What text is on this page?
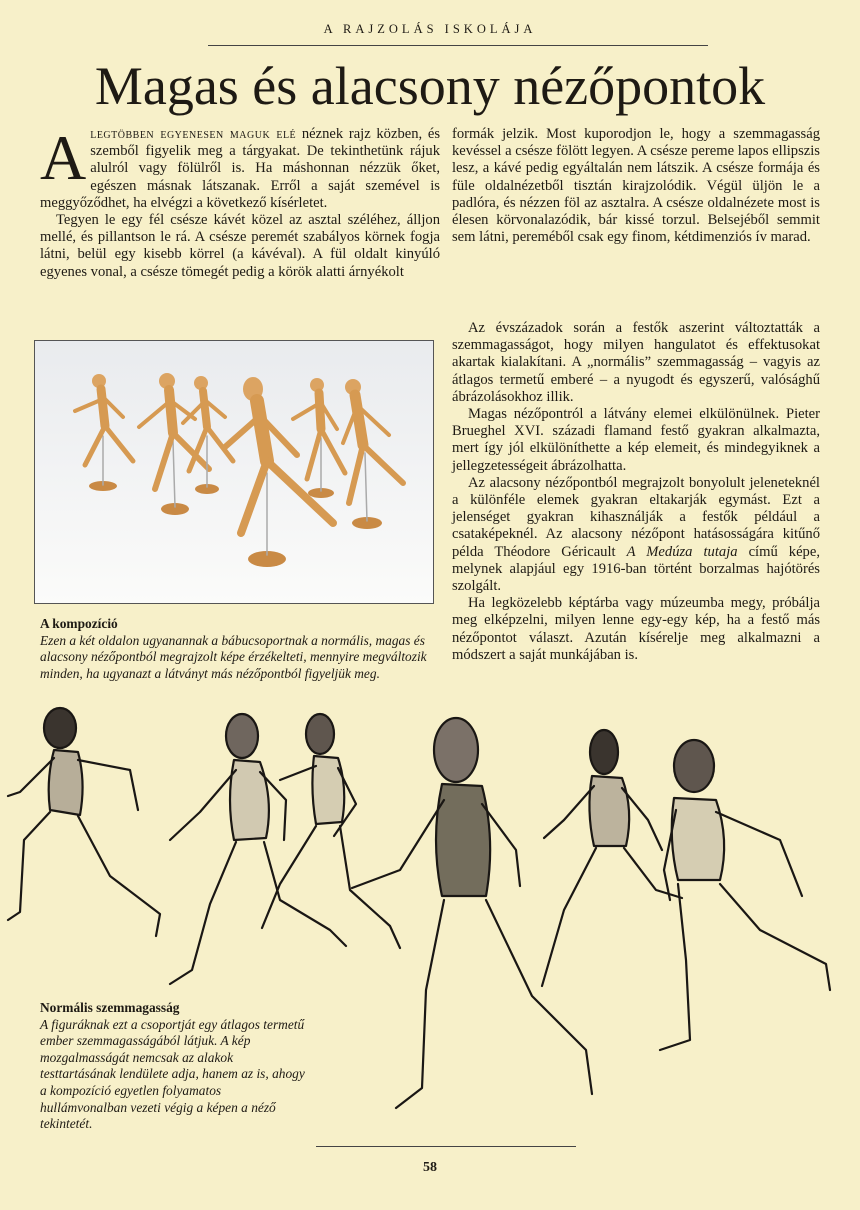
A RAJZOLÁS ISKOLÁJA
Magas és alacsony nézőpontok

Alegtöbben egyenesen maguk elé néznek rajz közben, és szemből figyelik meg a tárgyakat. De tekinthetünk rájuk alulról vagy fölülről is. Ha máshonnan nézzük őket, egészen másnak látszanak. Erről a saját szemével is meggyőződhet, ha elvégzi a következő kísérletet.

Tegyen le egy fél csésze kávét közel az asztal széléhez, álljon mellé, és pillantson le rá. A csésze peremét szabályos körnek fogja látni, belül egy kisebb körrel (a kávéval). A fül oldalt kinyúló egyenes vonal, a csésze tömegét pedig a körök alatti árnyékolt

formák jelzik. Most kuporodjon le, hogy a szemmagasság kevéssel a csésze fölött legyen. A csésze pereme lapos ellipszis lesz, a kávé pedig egyáltalán nem látszik. A csésze formája és füle oldalnézetből tisztán kirajzolódik. Végül üljön le a padlóra, és nézzen föl az asztalra. A csésze oldalnézete most is élesen körvonalazódik, bár kissé torzul. Belsejéből semmit sem látni, pereméből csak egy finom, kétdimenziós ív marad.

Az évszázadok során a festők aszerint változtatták a szemmagasságot, hogy milyen hangulatot és effektusokat akartak kialakítani. A „normális” szemmagasság – vagyis az átlagos termetű emberé – a nyugodt és egyszerű, valósághű ábrázolásokhoz illik.

Magas nézőpontról a látvány elemei elkülönülnek. Pieter Brueghel XVI. századi flamand festő gyakran alkalmazta, mert így jól elkülöníthette a kép elemeit, és mindegyiknek a jellegzetességeit ábrázolhatta.

Az alacsony nézőpontból megrajzolt bonyolult jeleneteknél a különféle elemek gyakran eltakarják egymást. Ezt a jelenséget gyakran kihasználják a festők például a csataképeknél. Az alacsony nézőpont hatásosságára kitűnő példa Théodore Géricault A Medúza tutaja című képe, melynek alapjául egy 1916-ban történt borzalmas hajótörés szolgált.

Ha legközelebb képtárba vagy múzeumba megy, próbálja meg elképzelni, milyen lenne egy-egy kép, ha a festő más nézőpontot választ. Azután kísérelje meg alkalmazni a módszert a saját munkájában is.

A kompozíció
Ezen a két oldalon ugyanannak a bábucsoportnak a normális, magas és alacsony nézőpontból megrajzolt képe érzékelteti, mennyire megváltozik minden, ha ugyanazt a látványt más nézőpontból figyeljük meg.
Normális szemmagasság
A figuráknak ezt a csoportját egy átlagos termetű ember szemmagasságából látjuk. A kép mozgalmasságát nemcsak az alakok testtartásának lendülete adja, hanem az is, ahogy a kompozíció egyetlen folyamatos hullámvonalban vezeti végig a képen a néző tekintetét.
58
